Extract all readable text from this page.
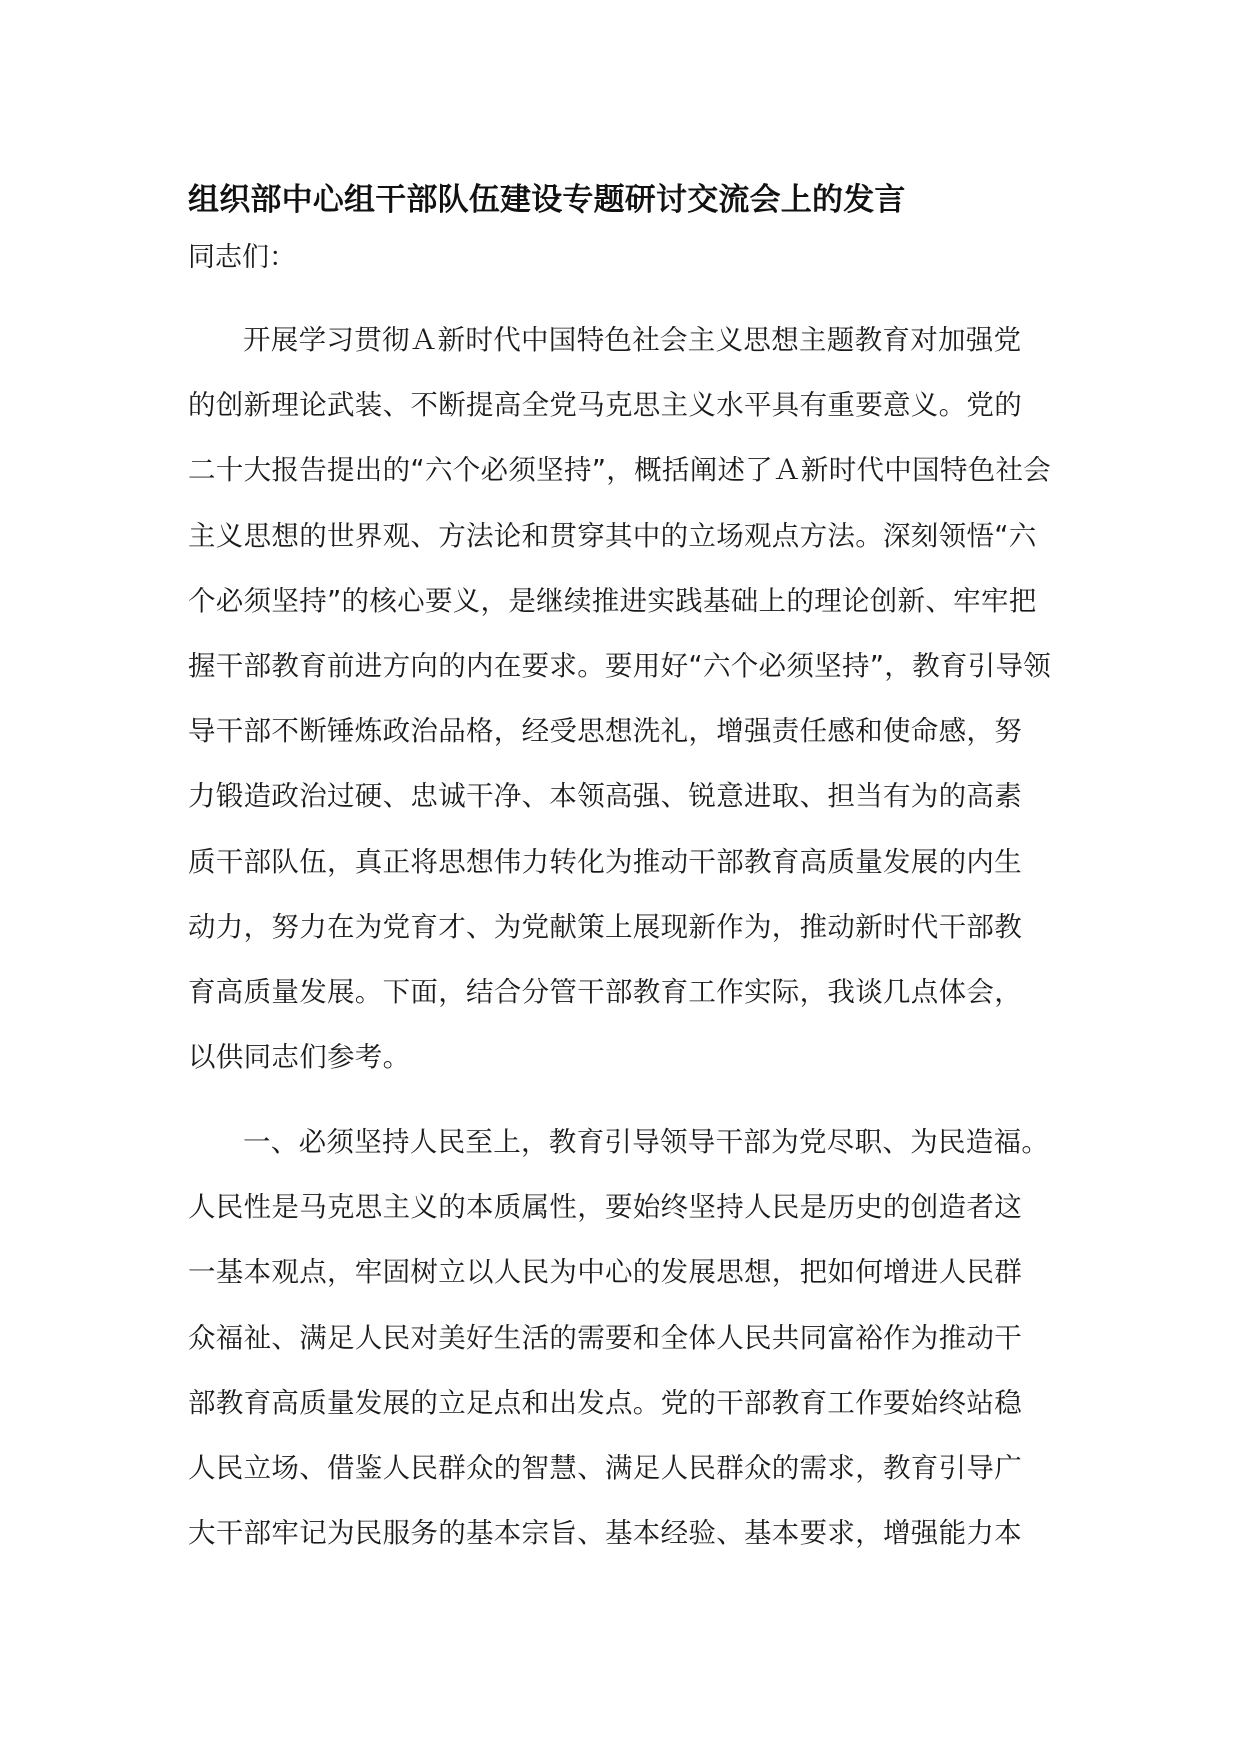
组织部中心组干部队伍建设专题研讨交流会上的发言

同志们：

开展学习贯彻Ａ新时代中国特色社会主义思想主题教育对加强党
的创新理论武装、不断提高全党马克思主义水平具有重要意义。党的
二十大报告提出的“六个必须坚持”，概括阐述了Ａ新时代中国特色社会
主义思想的世界观、方法论和贯穿其中的立场观点方法。深刻领悟“六
个必须坚持”的核心要义，是继续推进实践基础上的理论创新、牢牢把
握干部教育前进方向的内在要求。要用好“六个必须坚持”，教育引导领
导干部不断锤炼政治品格，经受思想洗礼，增强责任感和使命感，努
力锻造政治过硬、忠诚干净、本领高强、锐意进取、担当有为的高素
质干部队伍，真正将思想伟力转化为推动干部教育高质量发展的内生
动力，努力在为党育才、为党献策上展现新作为，推动新时代干部教
育高质量发展。下面，结合分管干部教育工作实际，我谈几点体会，
以供同志们参考。
一、必须坚持人民至上，教育引导领导干部为党尽职、为民造福。
人民性是马克思主义的本质属性，要始终坚持人民是历史的创造者这
一基本观点，牢固树立以人民为中心的发展思想，把如何增进人民群
众福祉、满足人民对美好生活的需要和全体人民共同富裕作为推动干
部教育高质量发展的立足点和出发点。党的干部教育工作要始终站稳
人民立场、借鉴人民群众的智慧、满足人民群众的需求，教育引导广
大干部牢记为民服务的基本宗旨、基本经验、基本要求，增强能力本
